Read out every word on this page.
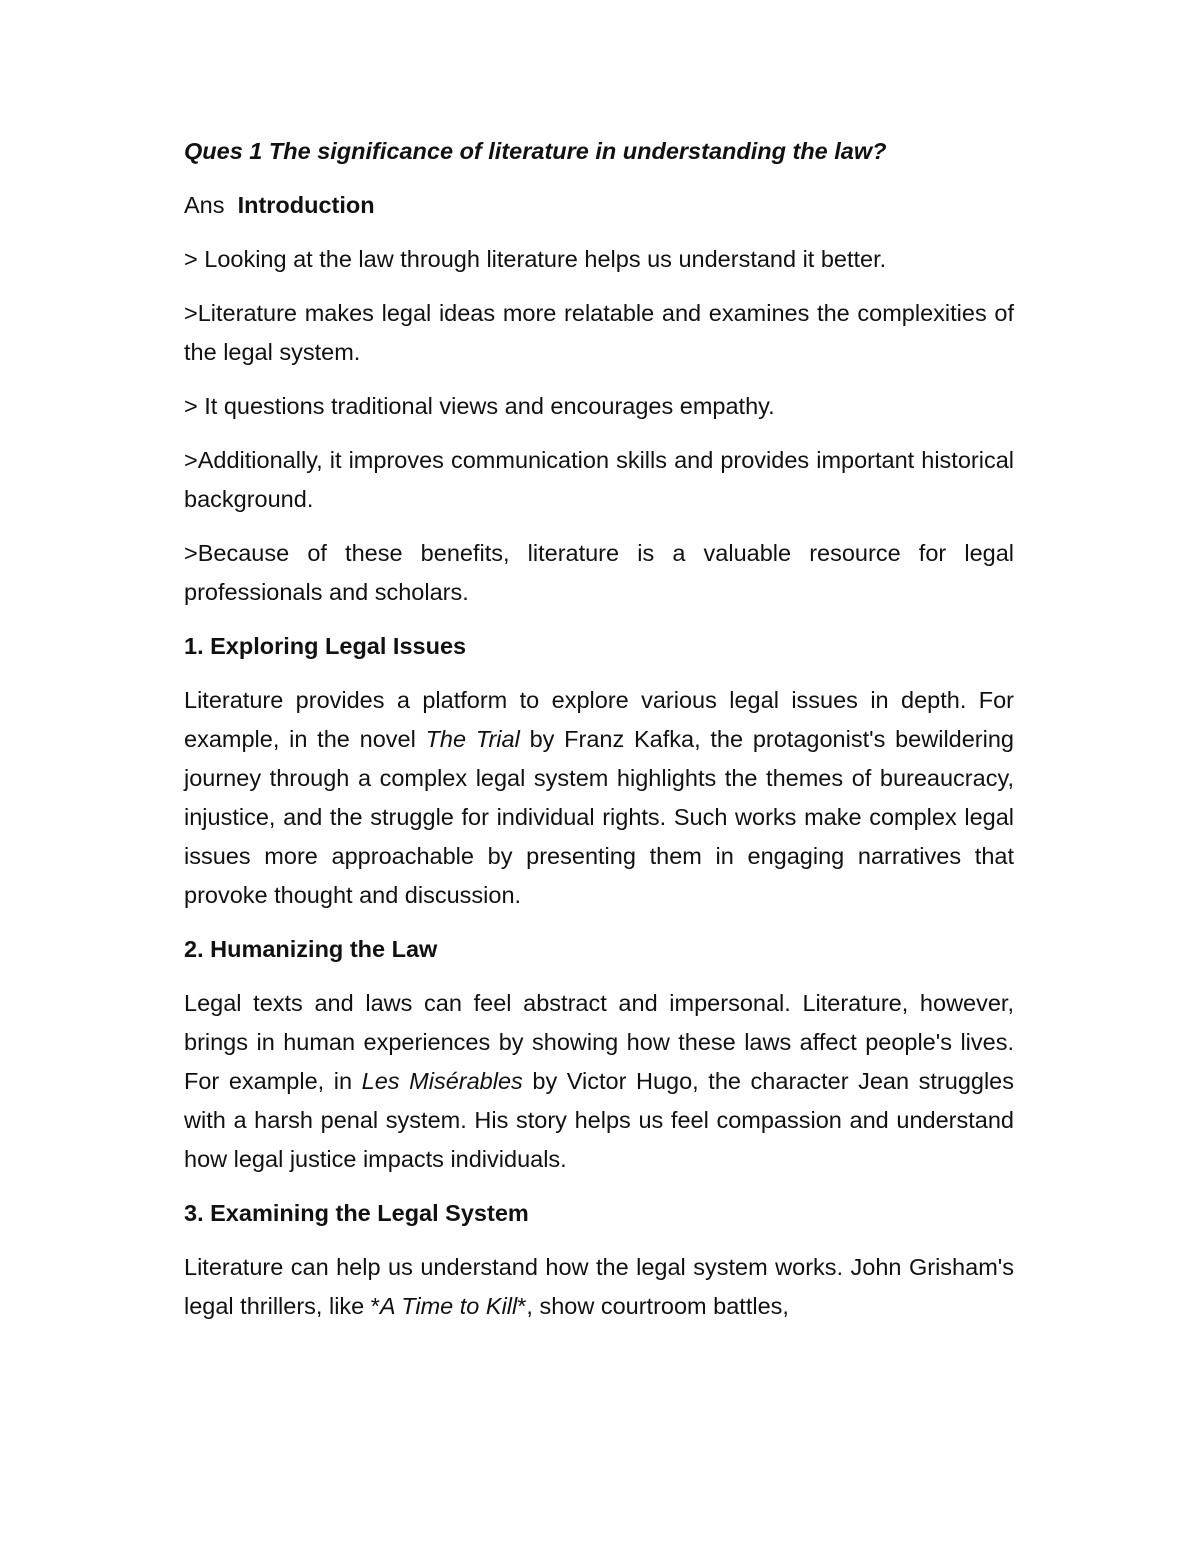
Ques 1 The significance of literature in understanding the law?

Ans Introduction

> Looking at the law through literature helps us understand it better.

>Literature makes legal ideas more relatable and examines the complexities of the legal system.

> It questions traditional views and encourages empathy.

>Additionally, it improves communication skills and provides important historical background.

>Because of these benefits, literature is a valuable resource for legal professionals and scholars.

1. Exploring Legal Issues

Literature provides a platform to explore various legal issues in depth. For example, in the novel The Trial by Franz Kafka, the protagonist's bewildering journey through a complex legal system highlights the themes of bureaucracy, injustice, and the struggle for individual rights. Such works make complex legal issues more approachable by presenting them in engaging narratives that provoke thought and discussion.

2. Humanizing the Law

Legal texts and laws can feel abstract and impersonal. Literature, however, brings in human experiences by showing how these laws affect people's lives. For example, in Les Misérables by Victor Hugo, the character Jean struggles with a harsh penal system. His story helps us feel compassion and understand how legal justice impacts individuals.

3. Examining the Legal System

Literature can help us understand how the legal system works. John Grisham's legal thrillers, like *A Time to Kill*, show courtroom battles,
